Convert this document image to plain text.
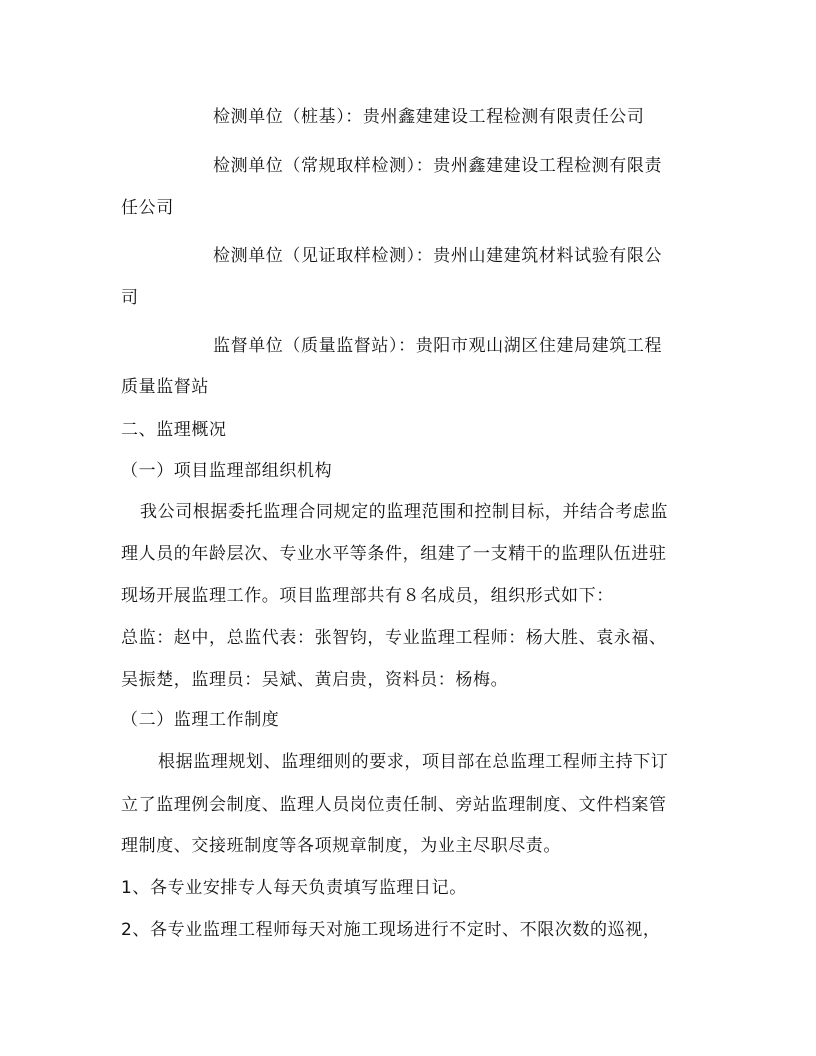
检测单位（桩基）：贵州鑫建建设工程检测有限责任公司
检测单位（常规取样检测）：贵州鑫建建设工程检测有限责
任公司
检测单位（见证取样检测）：贵州山建建筑材料试验有限公
司
监督单位（质量监督站）：贵阳市观山湖区住建局建筑工程
质量监督站
二、监理概况
（一）项目监理部组织机构
我公司根据委托监理合同规定的监理范围和控制目标，并结合考虑监
理人员的年龄层次、专业水平等条件，组建了一支精干的监理队伍进驻
现场开展监理工作。项目监理部共有８名成员，组织形式如下：
总监：赵中，总监代表：张智钧，专业监理工程师：杨大胜、袁永福、
吴振楚，监理员：吴斌、黄启贵，资料员：杨梅。
（二）监理工作制度
根据监理规划、监理细则的要求，项目部在总监理工程师主持下订
立了监理例会制度、监理人员岗位责任制、旁站监理制度、文件档案管
理制度、交接班制度等各项规章制度，为业主尽职尽责。
1、各专业安排专人每天负责填写监理日记。
2、各专业监理工程师每天对施工现场进行不定时、不限次数的巡视，
